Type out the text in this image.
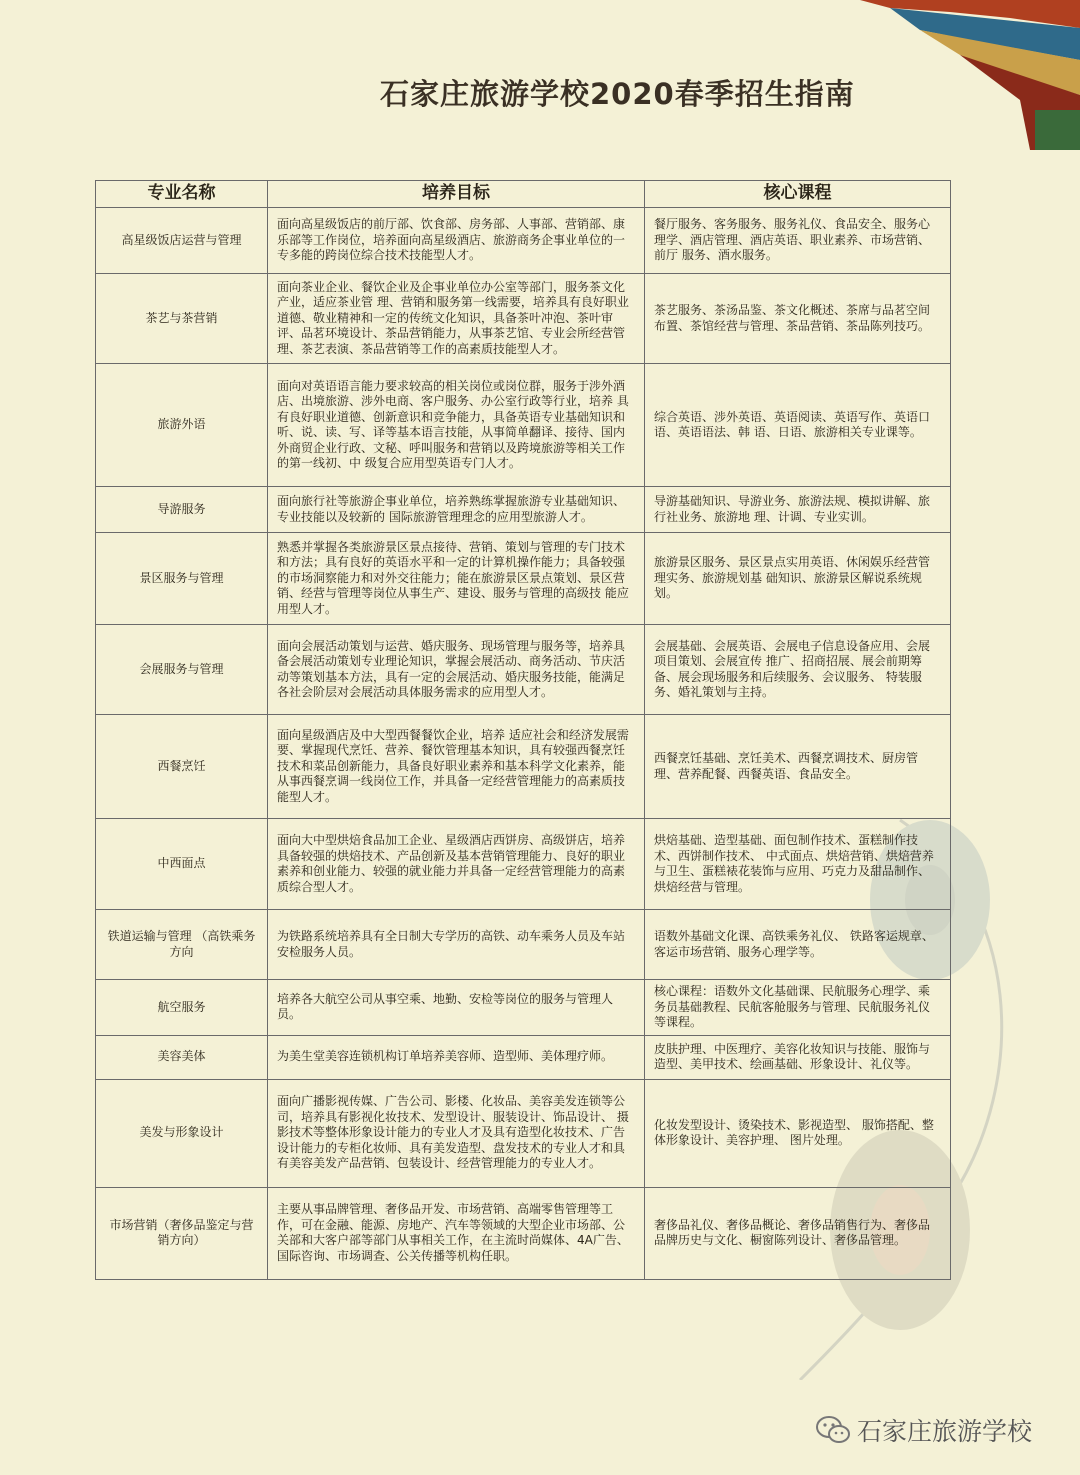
石家庄旅游学校2020春季招生指南
专业名称	培养目标	核心课程
高星级饭店运营与管理	面向高星级饭店的前厅部、饮食部、房务部、人事部、营销部、康乐部等工作岗位，培养面向高星级酒店、旅游商务企事业单位的一专多能的跨岗位综合技术技能型人才。	餐厅服务、客务服务、服务礼仪、食品安全、服务心理学、酒店管理、酒店英语、职业素养、市场营销、前厅 服务、酒水服务。
茶艺与茶营销	面向茶业企业、餐饮企业及企事业单位办公室等部门，服务茶文化产业，适应茶业管 理、营销和服务第一线需要，培养具有良好职业道德、敬业精神和一定的传统文化知识，具备茶叶冲泡、茶叶审评、品茗环境设计、茶品营销能力，从事茶艺馆、专业会所经营管理、茶艺表演、茶品营销等工作的高素质技能型人才。	茶艺服务、茶汤品鉴、茶文化概述、茶席与品茗空间布置、茶馆经营与管理、茶品营销、茶品陈列技巧。
旅游外语	面向对英语语言能力要求较高的相关岗位或岗位群，服务于涉外酒店、出境旅游、涉外电商、客户服务、办公室行政等行业，培养 具有良好职业道德、创新意识和竞争能力，具备英语专业基础知识和听、说、读、写、译等基本语言技能，从事简单翻译、接待、国内外商贸企业行政、文秘、呼叫服务和营销以及跨境旅游等相关工作的第一线初、中 级复合应用型英语专门人才。	综合英语、涉外英语、英语阅读、英语写作、英语口语、英语语法、韩 语、日语、旅游相关专业课等。
导游服务	面向旅行社等旅游企事业单位，培养熟练掌握旅游专业基础知识、专业技能以及较新的 国际旅游管理理念的应用型旅游人才。	导游基础知识、导游业务、旅游法规、模拟讲解、旅行社业务、旅游地 理、计调、专业实训。
景区服务与管理	熟悉并掌握各类旅游景区景点接待、营销、策划与管理的专门技术和方法；具有良好的英语水平和一定的计算机操作能力；具备较强的市场洞察能力和对外交往能力；能在旅游景区景点策划、景区营销、经营与管理等岗位从事生产、建设、服务与管理的高级技 能应用型人才。	旅游景区服务、景区景点实用英语、休闲娱乐经营管理实务、旅游规划基 础知识、旅游景区解说系统规划。
会展服务与管理	面向会展活动策划与运营、婚庆服务、现场管理与服务等，培养具备会展活动策划专业理论知识，掌握会展活动、商务活动、节庆活动等策划基本方法，具有一定的会展活动、婚庆服务技能，能满足各社会阶层对会展活动具体服务需求的应用型人才。	会展基础、会展英语、会展电子信息设备应用、会展项目策划、会展宣传 推广、招商招展、展会前期筹备、展会现场服务和后续服务、会议服务、 特装服务、婚礼策划与主持。
西餐烹饪	面向星级酒店及中大型西餐餐饮企业，培养 适应社会和经济发展需要、掌握现代烹饪、营养、餐饮管理基本知识，具有较强西餐烹饪技术和菜品创新能力，具备良好职业素养和基本科学文化素养，能从事西餐烹调一线岗位工作，并具备一定经营管理能力的高素质技能型人才。	西餐烹饪基础、烹饪美术、西餐烹调技术、厨房管理、营养配餐、西餐英语、食品安全。
中西面点	面向大中型烘焙食品加工企业、星级酒店西饼房、高级饼店，培养具备较强的烘焙技术、产品创新及基本营销管理能力、良好的职业素养和创业能力、较强的就业能力并具备一定经营管理能力的高素质综合型人才。	烘焙基础、造型基础、面包制作技术、蛋糕制作技术、西饼制作技术、 中式面点、烘焙营销、烘焙营养与卫生、蛋糕裱花装饰与应用、巧克力及甜品制作、烘焙经营与管理。
铁道运输与管理 （高铁乘务方向	为铁路系统培养具有全日制大专学历的高铁、动车乘务人员及车站安检服务人员。	语数外基础文化课、高铁乘务礼仪、 铁路客运规章、客运市场营销、服务心理学等。
航空服务	培养各大航空公司从事空乘、地勤、安检等岗位的服务与管理人员。	核心课程：语数外文化基础课、民航服务心理学、乘务员基础教程、民航客舱服务与管理、民航服务礼仪等课程。
美容美体	为美生堂美容连锁机构订单培养美容师、造型师、美体理疗师。	皮肤护理、中医理疗、美容化妆知识与技能、服饰与造型、美甲技术、绘画基础、形象设计、礼仪等。
美发与形象设计	面向广播影视传媒、广告公司、影楼、化妆品、美容美发连锁等公司，培养具有影视化妆技术、发型设计、服装设计、饰品设计、 摄影技术等整体形象设计能力的专业人才及具有造型化妆技术、广告设计能力的专柜化妆师、具有美发造型、盘发技术的专业人才和具有美容美发产品营销、包装设计、经营管理能力的专业人才。	化妆发型设计、烫染技术、影视造型、 服饰搭配、整体形象设计、美容护理、 图片处理。
市场营销（奢侈品鉴定与营销方向）	主要从事品牌管理、奢侈品开发、市场营销、高端零售管理等工作，可在金融、能源、房地产、汽车等领域的大型企业市场部、公关部和大客户部等部门从事相关工作，在主流时尚媒体、4A广告、国际咨询、市场调查、公关传播等机构任职。	奢侈品礼仪、奢侈品概论、奢侈品销售行为、奢侈品品牌历史与文化、橱窗陈列设计、奢侈品管理。
石家庄旅游学校
